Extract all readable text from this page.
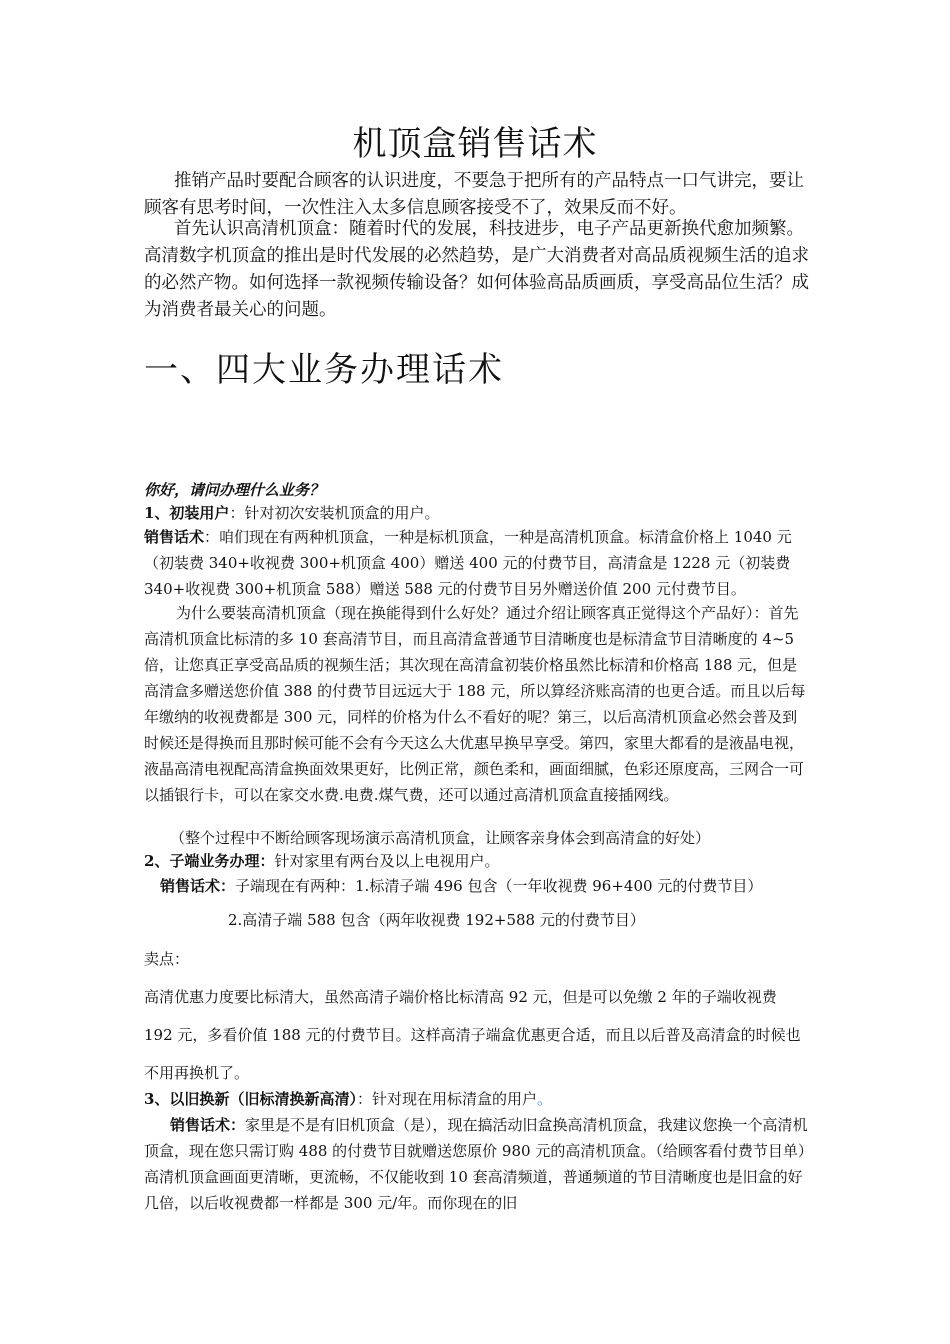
机顶盒销售话术
推销产品时要配合顾客的认识进度，不要急于把所有的产品特点一口气讲完，要让顾客有思考时间，一次性注入太多信息顾客接受不了，效果反而不好。
首先认识高清机顶盒：随着时代的发展，科技进步，电子产品更新换代愈加频繁。高清数字机顶盒的推出是时代发展的必然趋势，是广大消费者对高品质视频生活的追求的必然产物。如何选择一款视频传输设备？如何体验高品质画质，享受高品位生活？成为消费者最关心的问题。
一、四大业务办理话术
你好，请问办理什么业务？
1、初装用户：针对初次安装机顶盒的用户。
销售话术：咱们现在有两种机顶盒，一种是标机顶盒，一种是高清机顶盒。标清盒价格上 1040 元（初装费 340+收视费 300+机顶盒 400）赠送 400 元的付费节目，高清盒是 1228 元（初装费 340+收视费 300+机顶盒 588）赠送 588 元的付费节目另外赠送价值 200 元付费节目。
为什么要装高清机顶盒（现在换能得到什么好处？通过介绍让顾客真正觉得这个产品好）：首先高清机顶盒比标清的多 10 套高清节目，而且高清盒普通节目清晰度也是标清盒节目清晰度的 4~5 倍，让您真正享受高品质的视频生活；其次现在高清盒初装价格虽然比标清和价格高 188 元，但是高清盒多赠送您价值 388 的付费节目远远大于 188 元，所以算经济账高清的也更合适。而且以后每年缴纳的收视费都是 300 元，同样的价格为什么不看好的呢？第三，以后高清机顶盒必然会普及到时候还是得换而且那时候可能不会有今天这么大优惠早换早享受。第四，家里大都看的是液晶电视，液晶高清电视配高清盒换面效果更好，比例正常，颜色柔和，画面细腻，色彩还原度高，三网合一可以插银行卡，可以在家交水费.电费.煤气费，还可以通过高清机顶盒直接插网线。
（整个过程中不断给顾客现场演示高清机顶盒，让顾客亲身体会到高清盒的好处）
2、子端业务办理：针对家里有两台及以上电视用户。
销售话术：子端现在有两种：1.标清子端 496 包含（一年收视费 96+400 元的付费节目）
2.高清子端 588 包含（两年收视费 192+588 元的付费节目）
卖点：
高清优惠力度要比标清大，虽然高清子端价格比标清高 92 元，但是可以免缴 2 年的子端收视费 192 元，多看价值 188 元的付费节目。这样高清子端盒优惠更合适，而且以后普及高清盒的时候也不用再换机了。
3、以旧换新（旧标清换新高清）：针对现在用标清盒的用户。
销售话术：家里是不是有旧机顶盒（是），现在搞活动旧盒换高清机顶盒，我建议您换一个高清机顶盒，现在您只需订购 488 的付费节目就赠送您原价 980 元的高清机顶盒。（给顾客看付费节目单）高清机顶盒画面更清晰，更流畅，不仅能收到 10 套高清频道，普通频道的节目清晰度也是旧盒的好几倍，以后收视费都一样都是 300 元/年。而你现在的旧
